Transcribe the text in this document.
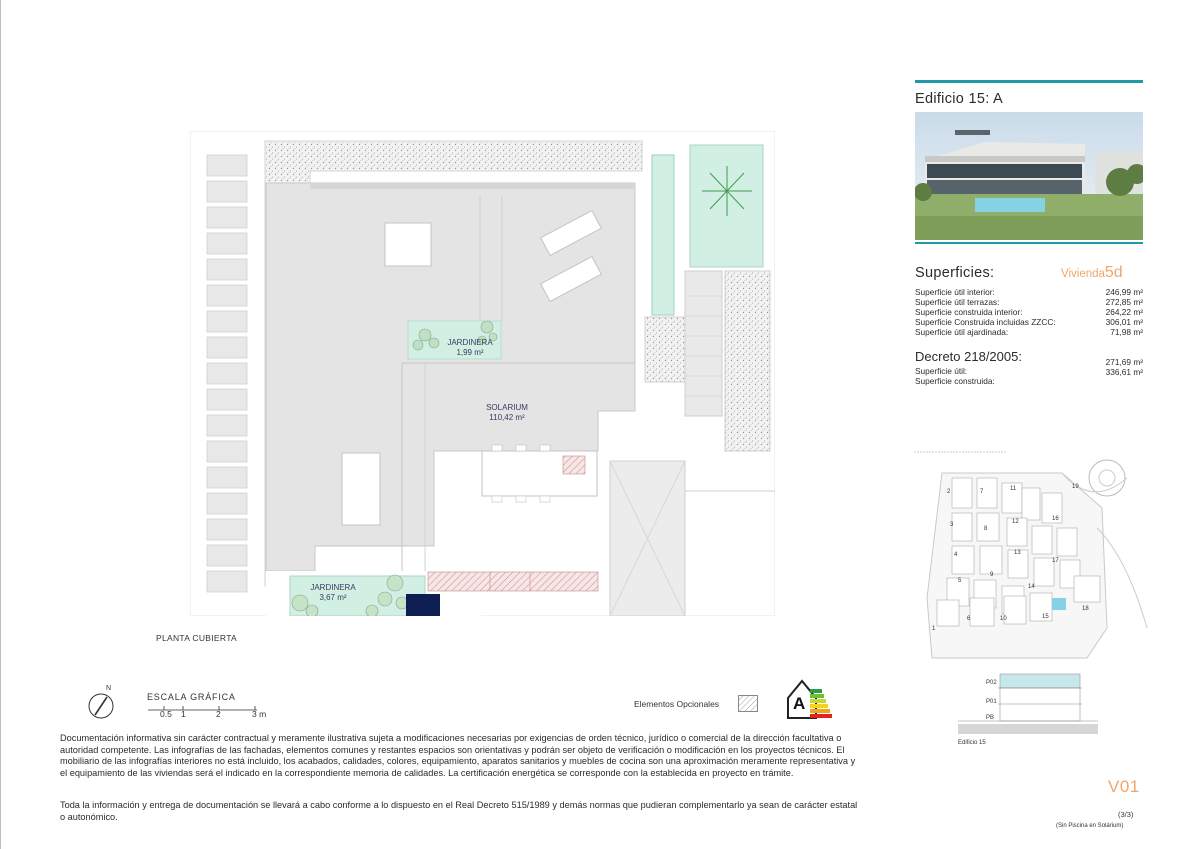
JARDINERA
1,99 m²
SOLARIUM
110,42 m²
JARDINERA
3,67 m²
PLANTA CUBIERTA
N
ESCALA GRÁFICA
0.5 1	2	3 m
Elementos Opcionales	A
Documentación informativa sin carácter contractual y meramente ilustrativa sujeta a modificaciones necesarias por exigencias de orden técnico, jurídico o comercial de la dirección facultativa o autoridad competente. Las infografías de las fachadas, elementos comunes y restantes espacios son orientativas y podrán ser objeto de verificación o modificación en los proyectos técnicos. El mobiliario de las infografías interiores no está incluido, los acabados, calidades, colores, equipamiento, aparatos sanitarios y muebles de cocina son una aproximación meramente representativa y el equipamiento de las viviendas será el indicado en la correspondiente memoria de calidades. La certificación energética se corresponde con la establecida en proyecto en trámite.
Toda la información y entrega de documentación se llevará a cabo conforme a lo dispuesto en el Real Decreto 515/1989 y demás normas que pudieran complementarlo ya sean de carácter estatal o autonómico.
Edificio 15: A
Superficies:	Vivienda5d
Superficie útil interior:	246,99 m²
Superficie útil terrazas:	272,85 m²
Superficie construida interior:	264,22 m²
Superficie Construida incluidas ZZCC:	306,01 m²
Superficie útil ajardinada:	71,98 m²
Decreto 218/2005:	271,69 m²
Superficie útil:	336,61 m²
Superficie construida:
1
2
3
4
5
6
7
8
9
10
11
12
13
14
15
16
17
18
19
P02
P01
PB
Edificio 15
V01
(3/3)
(Sin Piscina en Solárium)
